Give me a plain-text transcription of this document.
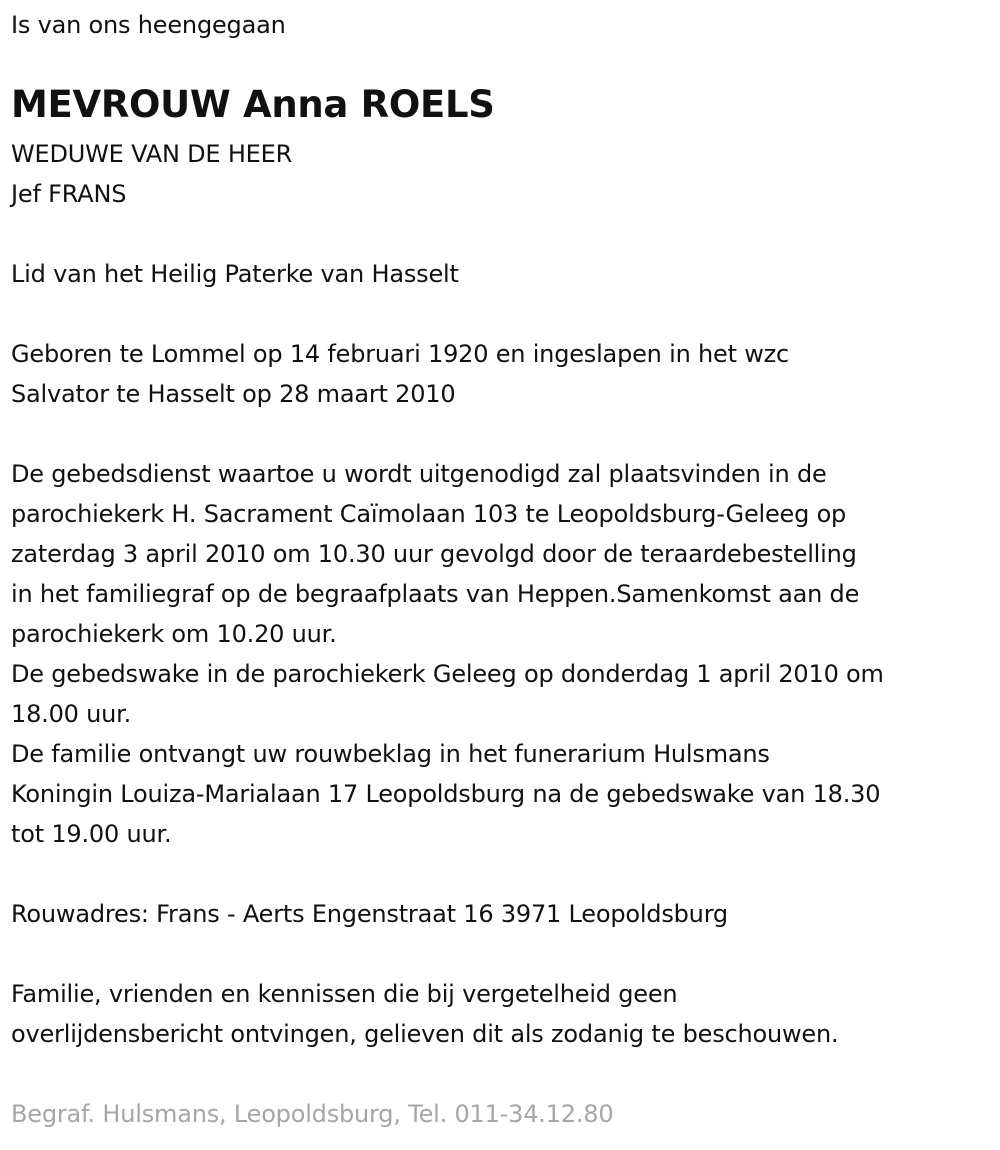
Is van ons heengegaan
MEVROUW Anna ROELS
WEDUWE VAN DE HEER
Jef FRANS
Lid van het Heilig Paterke van Hasselt
Geboren te Lommel op 14 februari 1920 en ingeslapen in het wzc
Salvator te Hasselt op 28 maart 2010
De gebedsdienst waartoe u wordt uitgenodigd zal plaatsvinden in de
parochiekerk H. Sacrament Caïmolaan 103 te Leopoldsburg-Geleeg op
zaterdag 3 april 2010 om 10.30 uur gevolgd door de teraardebestelling
in het familiegraf op de begraafplaats van Heppen.Samenkomst aan de
parochiekerk om 10.20 uur.
De gebedswake in de parochiekerk Geleeg op donderdag 1 april 2010 om
18.00 uur.
De familie ontvangt uw rouwbeklag in het funerarium Hulsmans
Koningin Louiza-Marialaan 17 Leopoldsburg na de gebedswake van 18.30
tot 19.00 uur.
Rouwadres: Frans - Aerts Engenstraat 16 3971 Leopoldsburg
Familie, vrienden en kennissen die bij vergetelheid geen
overlijdensbericht ontvingen, gelieven dit als zodanig te beschouwen.
Begraf. Hulsmans, Leopoldsburg, Tel. 011-34.12.80
